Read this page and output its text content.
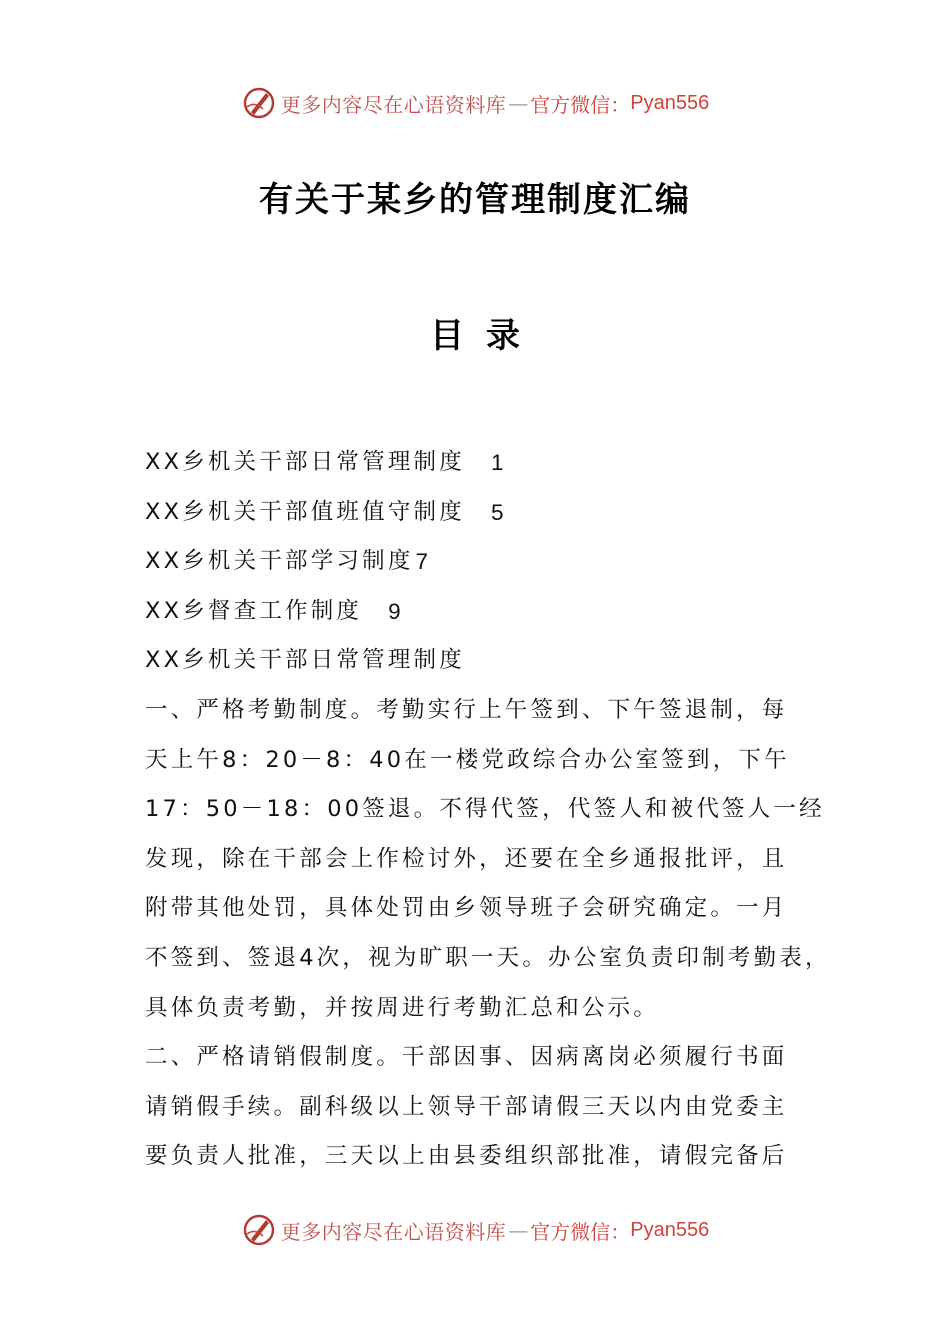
更多内容尽在心语资料库 — 官方微信： Pyan556
有关于某乡的管理制度汇编
目录
XX乡机关干部日常管理制度 1
XX乡机关干部值班值守制度 5
XX乡机关干部学习制度 7
XX乡督查工作制度 9
XX乡机关干部日常管理制度
一、严格考勤制度。考勤实行上午签到、下午签退制，每
天上午8：20－8：40在一楼党政综合办公室签到，下午
17：50－18：00签退。不得代签，代签人和被代签人一经
发现，除在干部会上作检讨外，还要在全乡通报批评，且
附带其他处罚，具体处罚由乡领导班子会研究确定。一月
不签到、签退4次，视为旷职一天。办公室负责印制考勤表，
具体负责考勤，并按周进行考勤汇总和公示。
二、严格请销假制度。干部因事、因病离岗必须履行书面
请销假手续。副科级以上领导干部请假三天以内由党委主
要负责人批准，三天以上由县委组织部批准，请假完备后
更多内容尽在心语资料库 — 官方微信： Pyan556
